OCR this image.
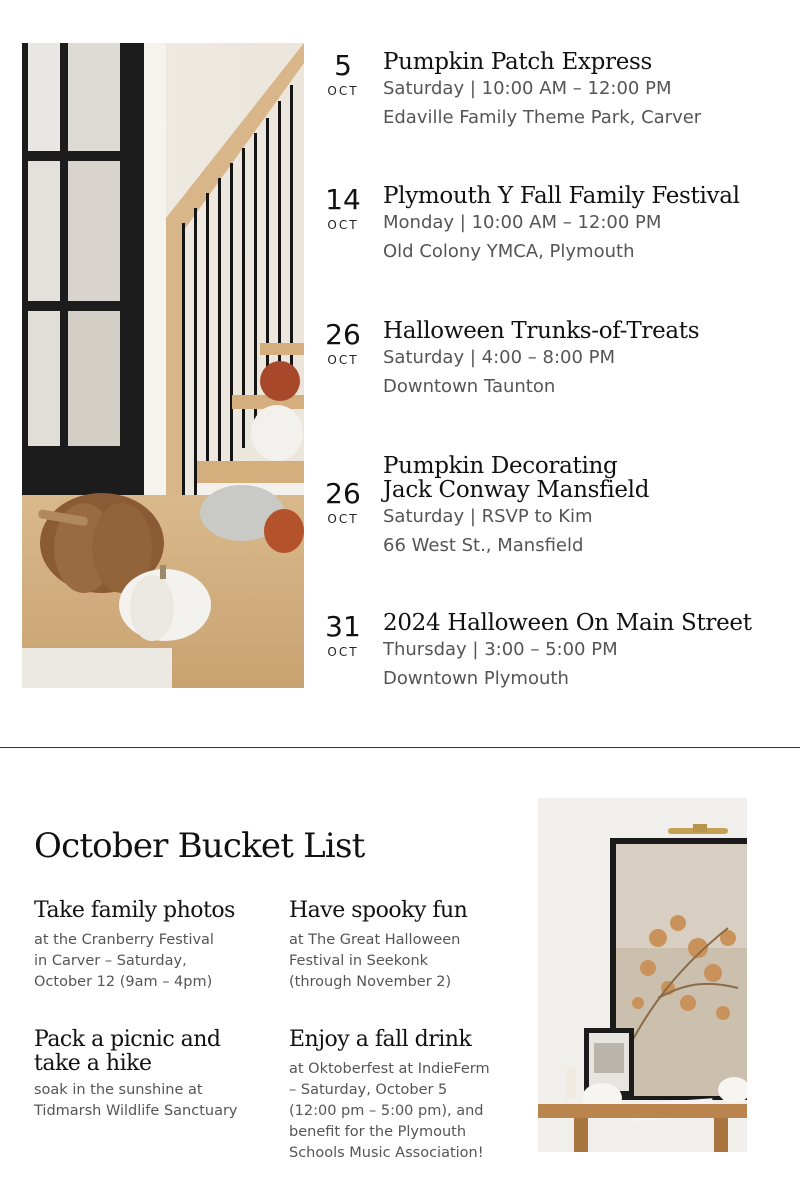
5
OCT
Pumpkin Patch Express
Saturday | 10:00 AM – 12:00 PM
Edaville Family Theme Park, Carver
14
OCT
Plymouth Y Fall Family Festival
Monday | 10:00 AM – 12:00 PM
Old Colony YMCA, Plymouth
26
OCT
Halloween Trunks-of-Treats
Saturday | 4:00 – 8:00 PM
Downtown Taunton
26
OCT
Pumpkin Decorating
Jack Conway Mansfield
Saturday | RSVP to Kim
66 West St., Mansfield
31
OCT
2024 Halloween On Main Street
Thursday | 3:00 – 5:00 PM
Downtown Plymouth
October Bucket List
Take family photos
at the Cranberry Festival
in Carver – Saturday,
October 12 (9am – 4pm)
Have spooky fun
at The Great Halloween
Festival in Seekonk
(through November 2)
Pack a picnic and
take a hike
soak in the sunshine at
Tidmarsh Wildlife Sanctuary
Enjoy a fall drink
at Oktoberfest at IndieFerm
– Saturday, October 5
(12:00 pm – 5:00 pm), and
benefit for the Plymouth
Schools Music Association!
